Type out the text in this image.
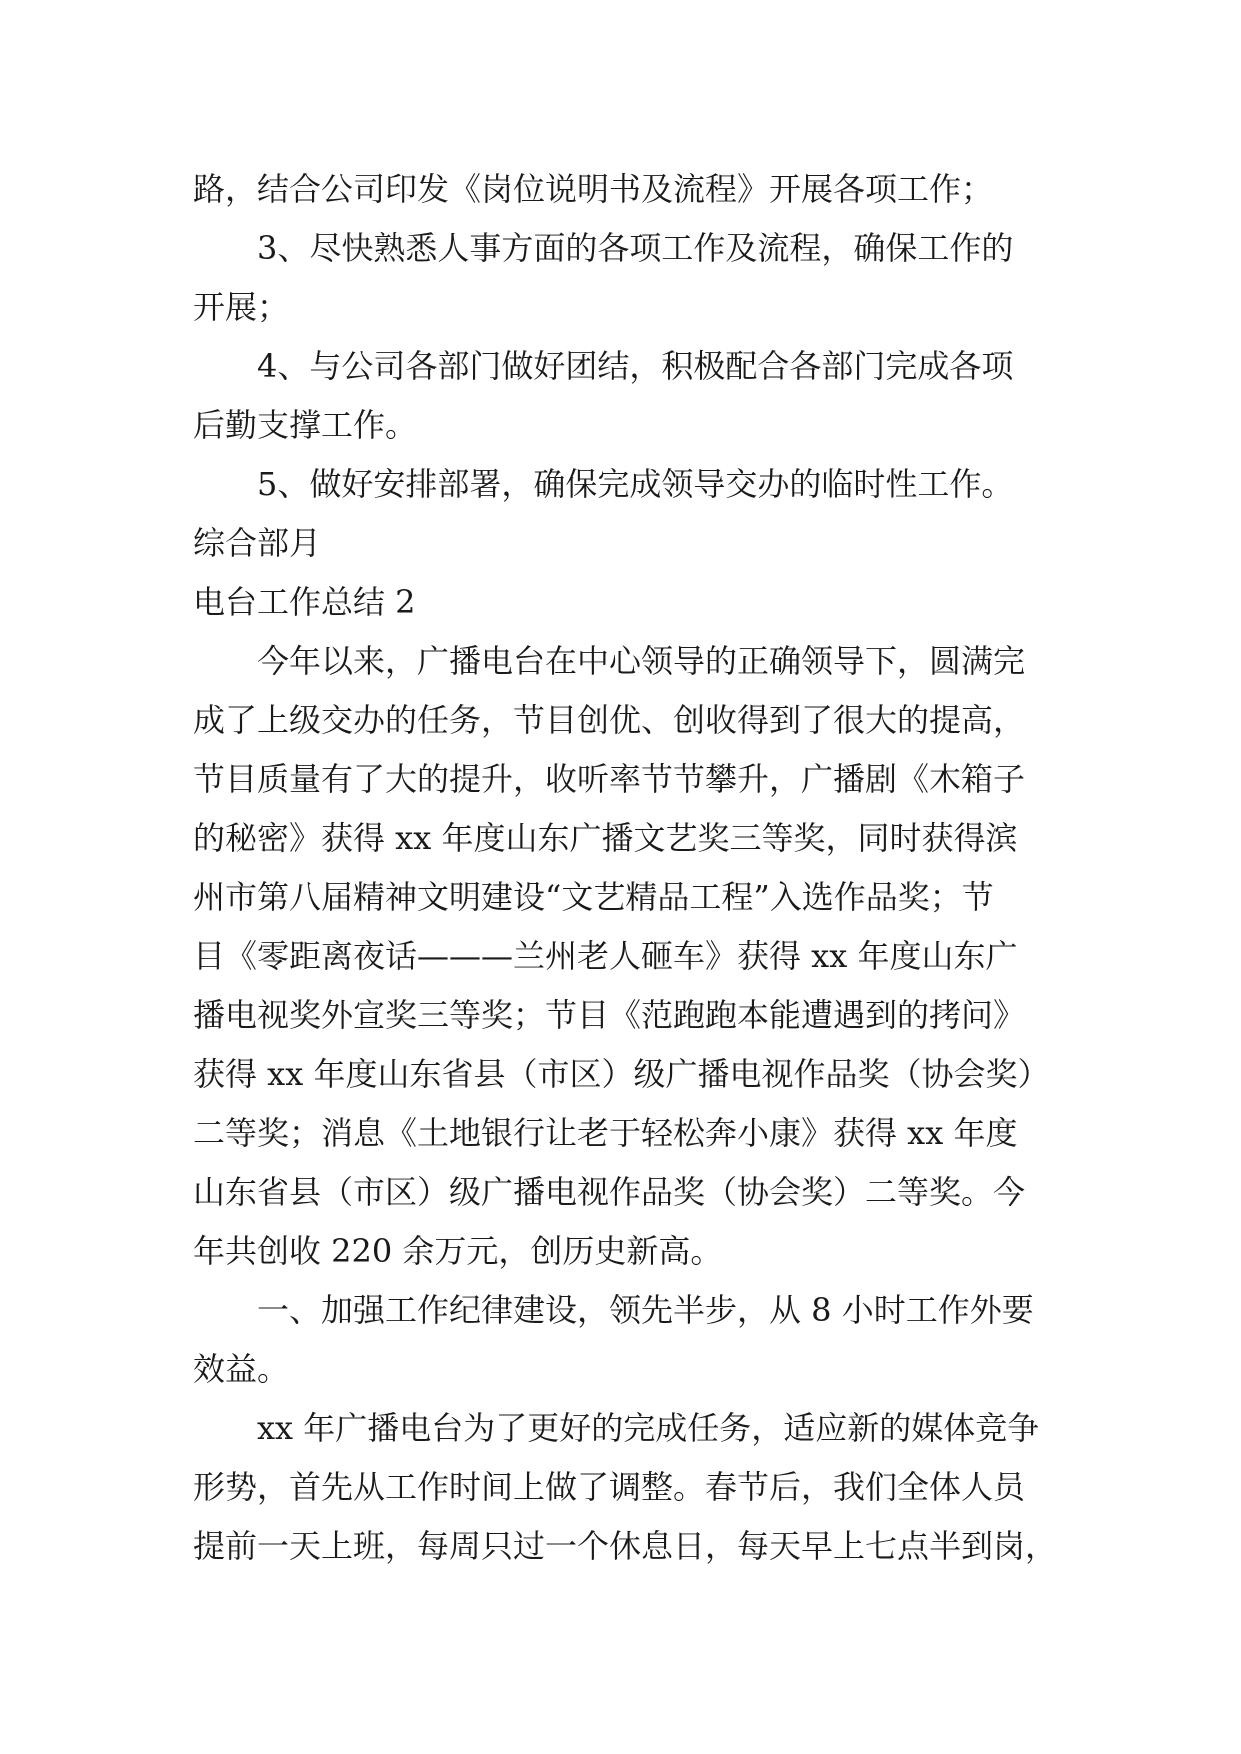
路，结合公司印发《岗位说明书及流程》开展各项工作；
3、尽快熟悉人事方面的各项工作及流程，确保工作的
开展；
4、与公司各部门做好团结，积极配合各部门完成各项
后勤支撑工作。
5、做好安排部署，确保完成领导交办的临时性工作。
综合部月
电台工作总结 2
今年以来，广播电台在中心领导的正确领导下，圆满完
成了上级交办的任务，节目创优、创收得到了很大的提高，
节目质量有了大的提升，收听率节节攀升，广播剧《木箱子
的秘密》获得 xx 年度山东广播文艺奖三等奖，同时获得滨
州市第八届精神文明建设“文艺精品工程”入选作品奖；节
目《零距离夜话———兰州老人砸车》获得 xx 年度山东广
播电视奖外宣奖三等奖；节目《范跑跑本能遭遇到的拷问》
获得 xx 年度山东省县（市区）级广播电视作品奖（协会奖）
二等奖；消息《土地银行让老于轻松奔小康》获得 xx 年度
山东省县（市区）级广播电视作品奖（协会奖）二等奖。今
年共创收 220 余万元，创历史新高。
一、加强工作纪律建设，领先半步，从 8 小时工作外要
效益。
xx 年广播电台为了更好的完成任务，适应新的媒体竞争
形势，首先从工作时间上做了调整。春节后，我们全体人员
提前一天上班，每周只过一个休息日，每天早上七点半到岗，
